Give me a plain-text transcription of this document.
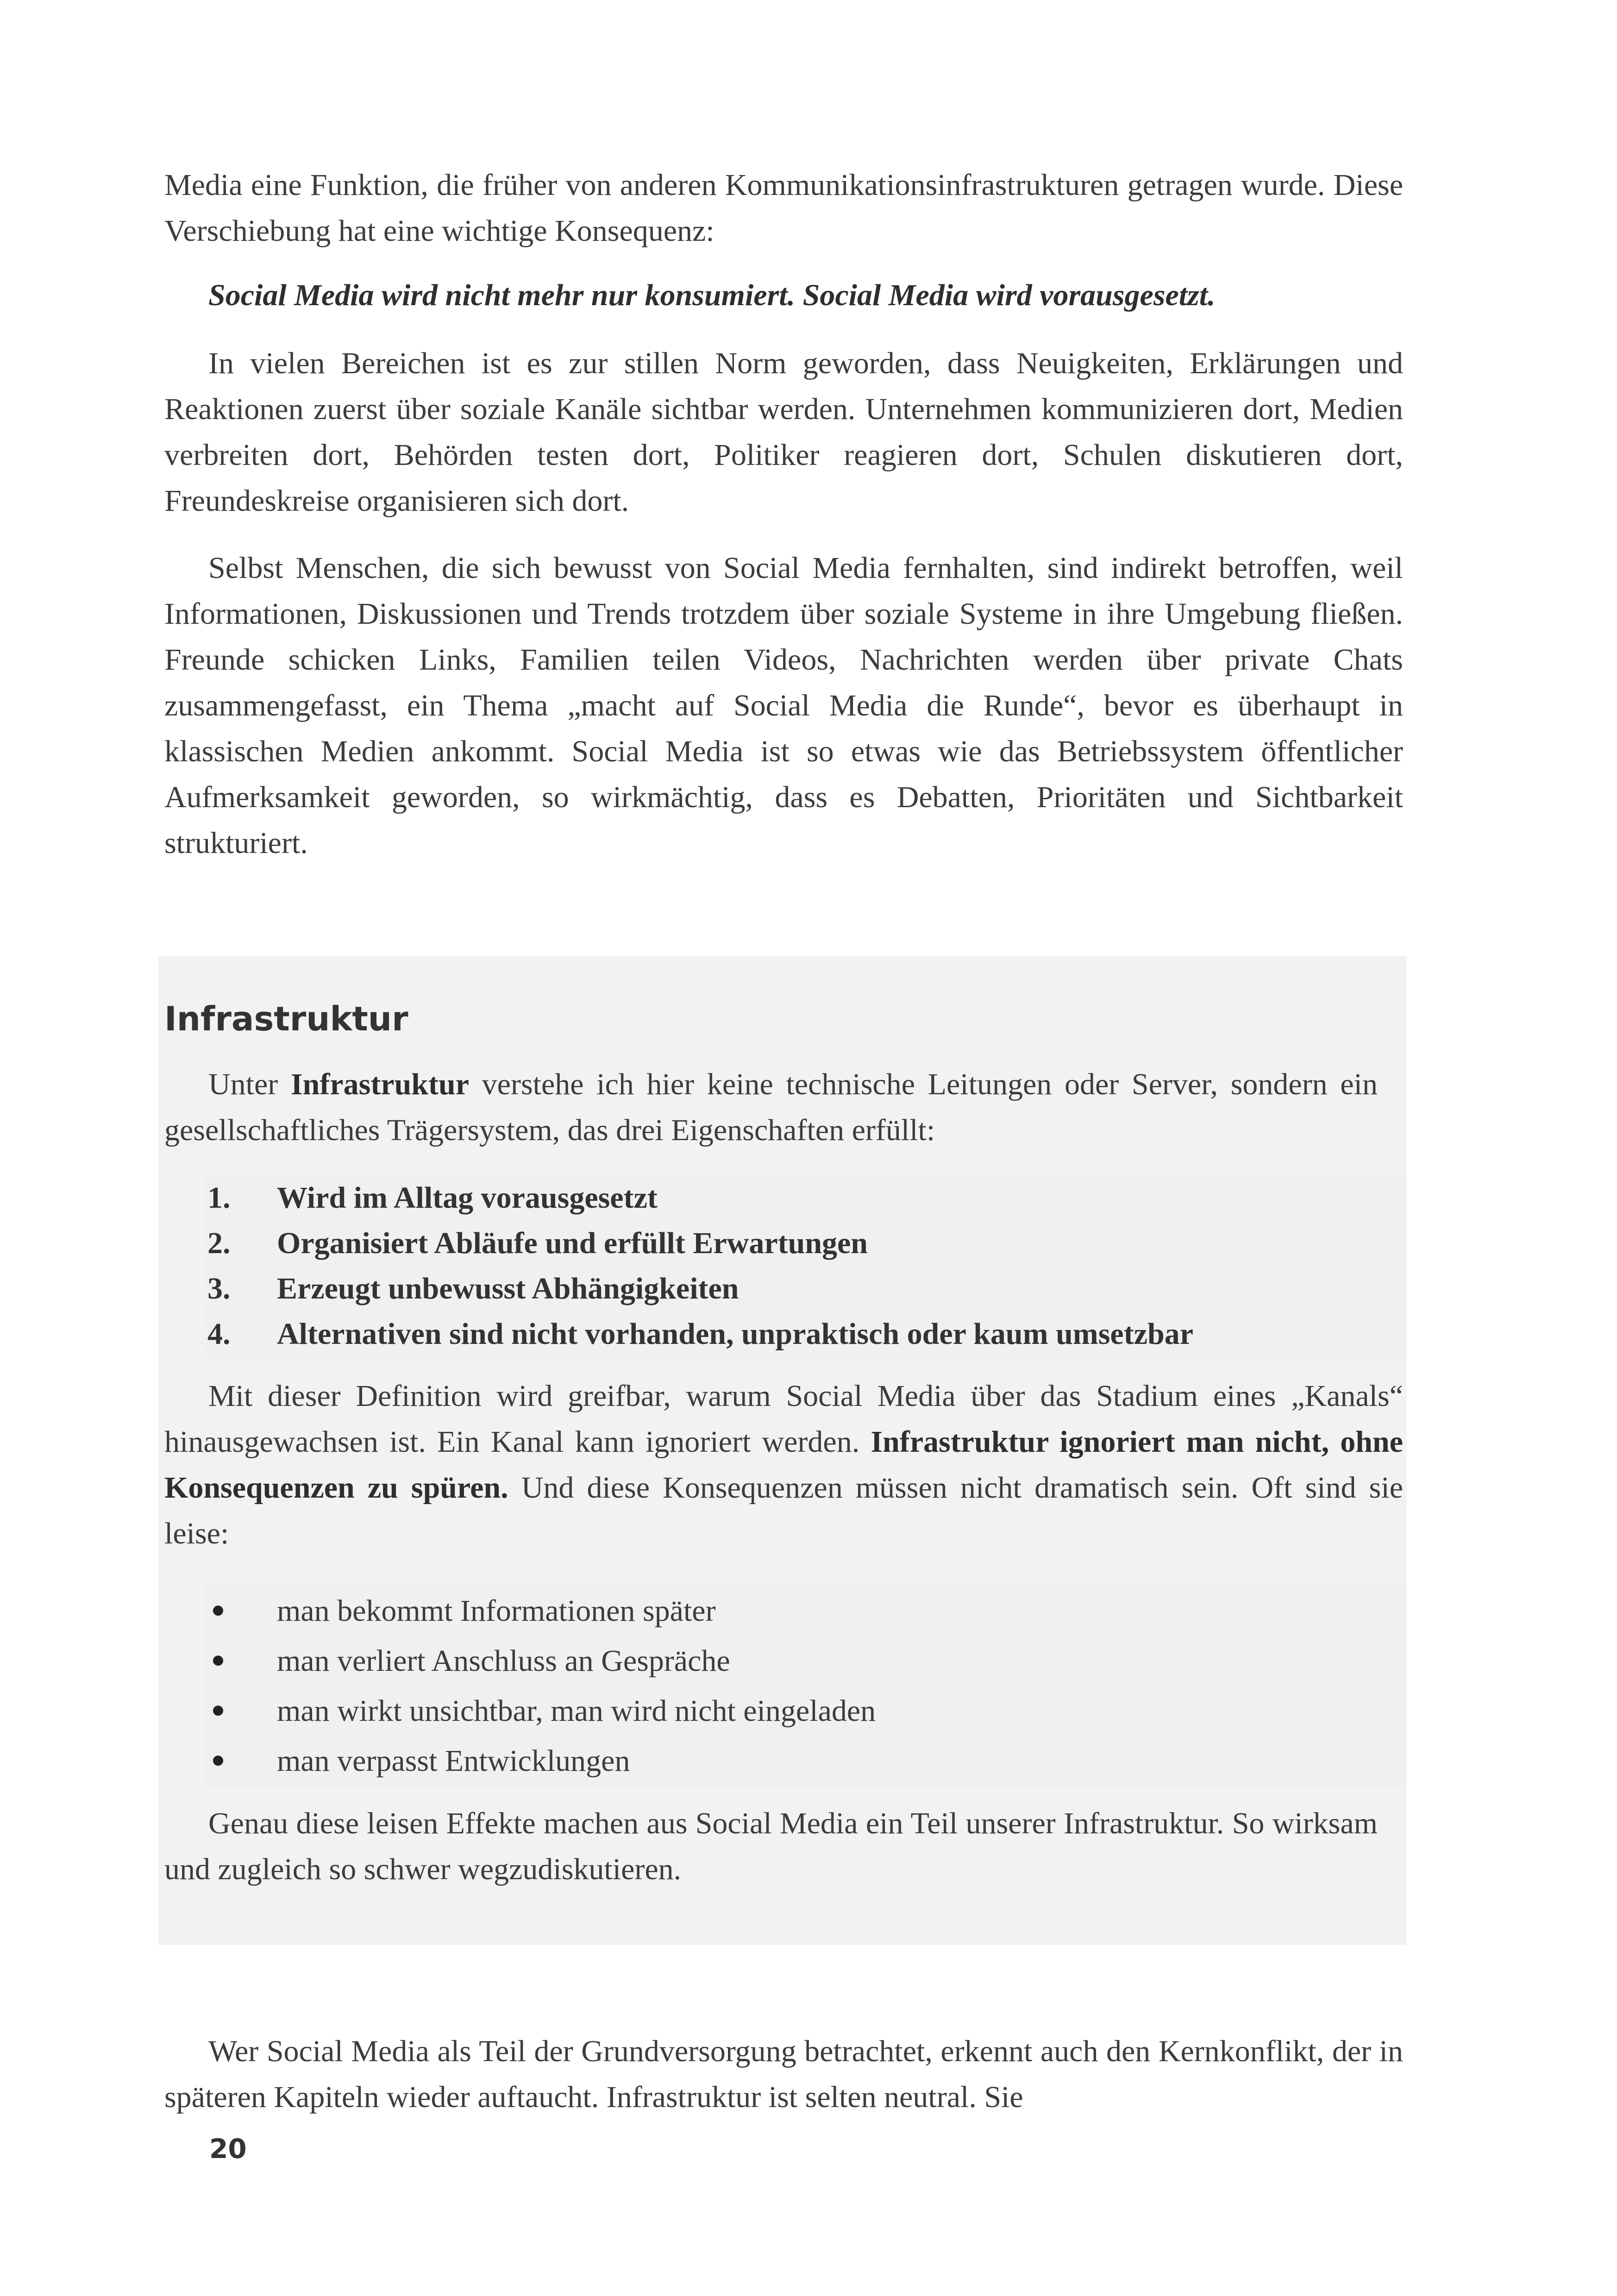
Media eine Funktion, die früher von anderen Kommunikationsinfrastrukturen getragen wurde. Diese Verschiebung hat eine wichtige Konsequenz:

Social Media wird nicht mehr nur konsumiert. Social Media wird vorausgesetzt.

In vielen Bereichen ist es zur stillen Norm geworden, dass Neuigkeiten, Erklärungen und Reaktionen zuerst über soziale Kanäle sichtbar werden. Unternehmen kommunizieren dort, Medien verbreiten dort, Behörden testen dort, Politiker reagieren dort, Schulen diskutieren dort, Freundeskreise organisieren sich dort.

Selbst Menschen, die sich bewusst von Social Media fernhalten, sind indirekt betroffen, weil Informationen, Diskussionen und Trends trotzdem über soziale Systeme in ihre Umgebung fließen. Freunde schicken Links, Familien teilen Videos, Nachrichten werden über private Chats zusammengefasst, ein Thema „macht auf Social Media die Runde“, bevor es überhaupt in klassischen Medien ankommt. Social Media ist so etwas wie das Betriebssystem öffentlicher Aufmerksamkeit geworden, so wirkmächtig, dass es Debatten, Prioritäten und Sichtbarkeit strukturiert.

Infrastruktur

Unter Infrastruktur verstehe ich hier keine technische Leitungen oder Server, sondern ein gesellschaftliches Trägersystem, das drei Eigenschaften erfüllt:

1. Wird im Alltag vorausgesetzt
2. Organisiert Abläufe und erfüllt Erwartungen
3. Erzeugt unbewusst Abhängigkeiten
4. Alternativen sind nicht vorhanden, unpraktisch oder kaum umsetzbar

Mit dieser Definition wird greifbar, warum Social Media über das Stadium eines „Kanals“ hinausgewachsen ist. Ein Kanal kann ignoriert werden. Infrastruktur ignoriert man nicht, ohne Konsequenzen zu spüren. Und diese Konsequenzen müssen nicht dramatisch sein. Oft sind sie leise:

man bekommt Informationen später
man verliert Anschluss an Gespräche
man wirkt unsichtbar, man wird nicht eingeladen
man verpasst Entwicklungen

Genau diese leisen Effekte machen aus Social Media ein Teil unserer Infrastruktur. So wirksam und zugleich so schwer wegzudiskutieren.

Wer Social Media als Teil der Grundversorgung betrachtet, erkennt auch den Kernkonflikt, der in späteren Kapiteln wieder auftaucht. Infrastruktur ist selten neutral. Sie

20
